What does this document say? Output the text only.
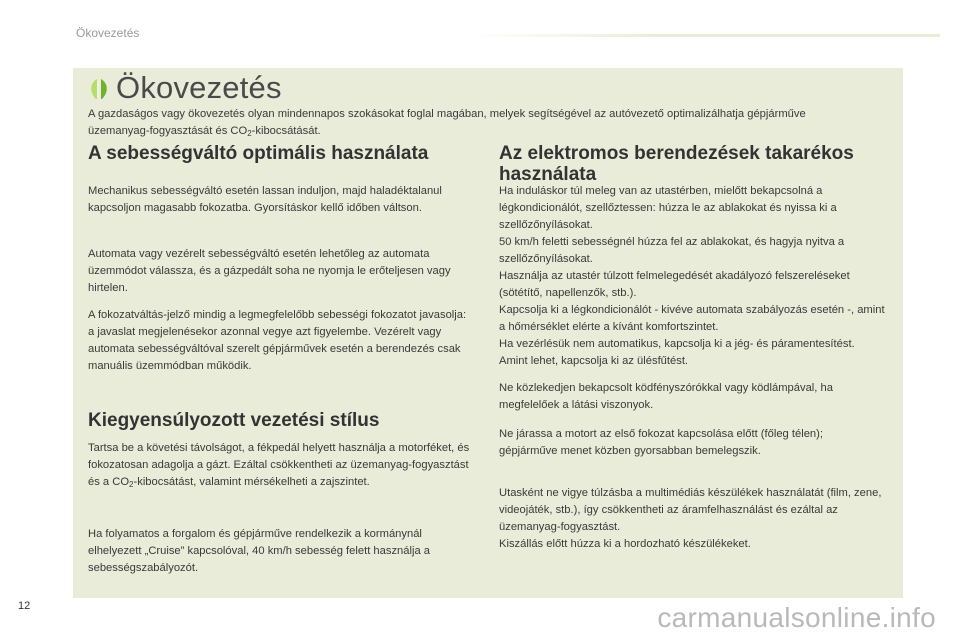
Ökovezetés
Ökovezetés
A gazdaságos vagy ökovezetés olyan mindennapos szokásokat foglal magában, melyek segítségével az autóvezető optimalizálhatja gépjárműve
üzemanyag-fogyasztását és $CO_2$-kibocsátását.
A sebességváltó optimális használata

Mechanikus sebességváltó esetén lassan induljon, majd haladéktalanul kapcsoljon magasabb fokozatba. Gyorsításkor kellő időben váltson.

Automata vagy vezérelt sebességváltó esetén lehetőleg az automata üzemmódot válassza, és a gázpedált soha ne nyomja le erőteljesen vagy hirtelen.

A fokozatváltás-jelző mindig a legmegfelelőbb sebességi fokozatot javasolja: a javaslat megjelenésekor azonnal vegye azt figyelembe. Vezérelt vagy automata sebességváltóval szerelt gépjárművek esetén a berendezés csak manuális üzemmódban működik.

Kiegyensúlyozott vezetési stílus

Tartsa be a követési távolságot, a fékpedál helyett használja a motorféket, és fokozatosan adagolja a gázt. Ezáltal csökkentheti az üzemanyag-fogyasztást és a $CO_2$-kibocsátást, valamint mérsékelheti a zajszintet.

Ha folyamatos a forgalom és gépjárműve rendelkezik a kormánynál elhelyezett „Cruise” kapcsolóval, 40 km/h sebesség felett használja a sebességszabályozót.

Az elektromos berendezések takarékos használata

Ha induláskor túl meleg van az utastérben, mielőtt bekapcsolná a légkondicionálót, szellőztessen: húzza le az ablakokat és nyissa ki a szellőzőnyílásokat.

50 km/h feletti sebességnél húzza fel az ablakokat, és hagyja nyitva a szellőzőnyílásokat.

Használja az utastér túlzott felmelegedését akadályozó felszereléseket (sötétítő, napellenzők, stb.).

Kapcsolja ki a légkondicionálót - kivéve automata szabályozás esetén -, amint a hőmérséklet elérte a kívánt komfortszintet.

Ha vezérlésük nem automatikus, kapcsolja ki a jég- és páramentesítést.

Amint lehet, kapcsolja ki az ülésfűtést.

Ne közlekedjen bekapcsolt ködfényszórókkal vagy ködlámpával, ha megfelelőek a látási viszonyok.

Ne járassa a motort az első fokozat kapcsolása előtt (főleg télen); gépjárműve menet közben gyorsabban bemelegszik.

Utasként ne vigye túlzásba a multimédiás készülékek használatát (film, zene, videojáték, stb.), így csökkentheti az áramfelhasználást és ezáltal az üzemanyag-fogyasztást.

Kiszállás előtt húzza ki a hordozható készülékeket.

12	carmanualsonline.info
